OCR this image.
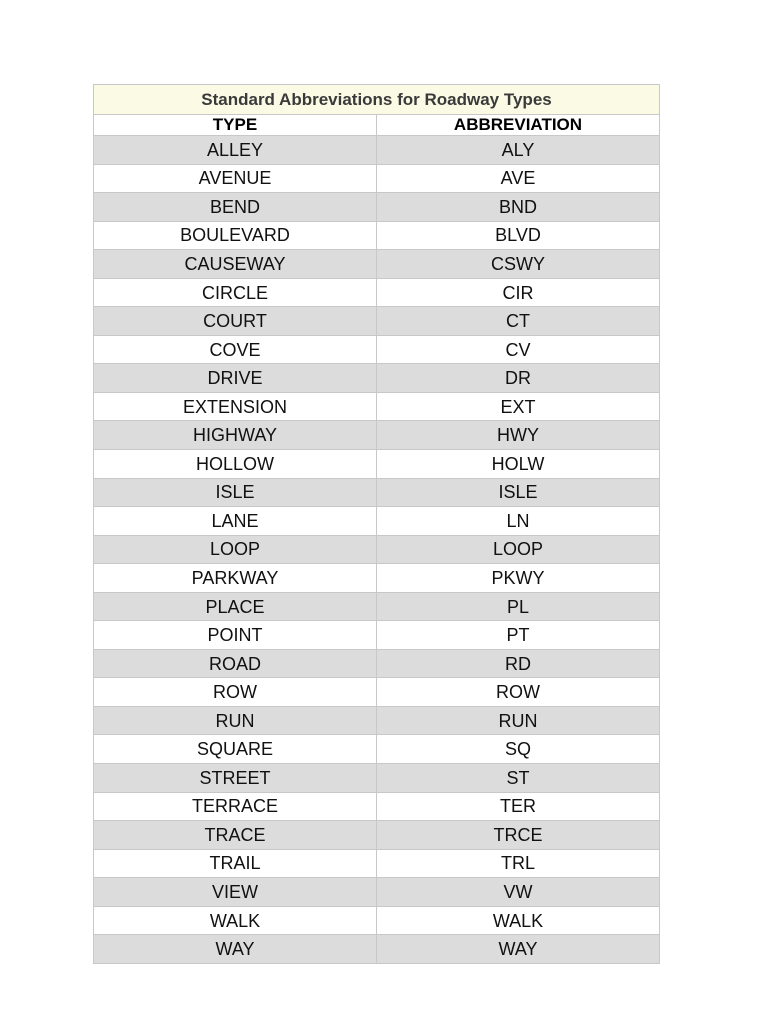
Standard Abbreviations for Roadway Types	
TYPE	ABBREVIATION
ALLEY	ALY
AVENUE	AVE
BEND	BND
BOULEVARD	BLVD
CAUSEWAY	CSWY
CIRCLE	CIR
COURT	CT
COVE	CV
DRIVE	DR
EXTENSION	EXT
HIGHWAY	HWY
HOLLOW	HOLW
ISLE	ISLE
LANE	LN
LOOP	LOOP
PARKWAY	PKWY
PLACE	PL
POINT	PT
ROAD	RD
ROW	ROW
RUN	RUN
SQUARE	SQ
STREET	ST
TERRACE	TER
TRACE	TRCE
TRAIL	TRL
VIEW	VW
WALK	WALK
WAY	WAY
